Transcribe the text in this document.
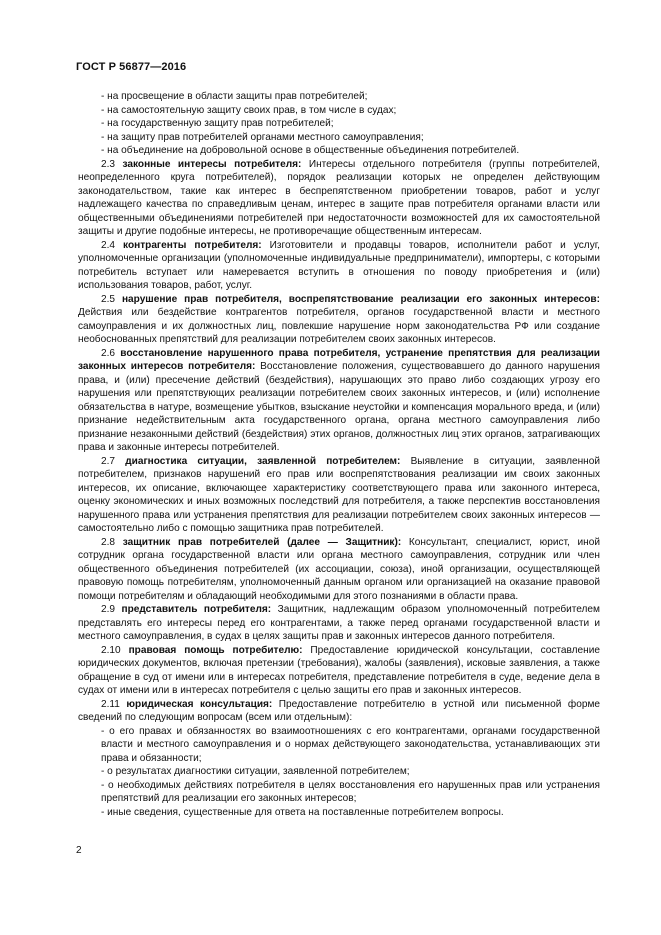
ГОСТ Р 56877—2016

- на просвещение в области защиты прав потребителей;

- на самостоятельную защиту своих прав, в том числе в судах;

- на государственную защиту прав потребителей;

- на защиту прав потребителей органами местного самоуправления;

- на объединение на добровольной основе в общественные объединения потребителей.

2.3 законные интересы потребителя: Интересы отдельного потребителя (группы потребителей, неопределенного круга потребителей), порядок реализации которых не определен действующим законодательством, такие как интерес в беспрепятственном приобретении товаров, работ и услуг надлежащего качества по справедливым ценам, интерес в защите прав потребителя органами власти или общественными объединениями потребителей при недостаточности возможностей для их самостоятельной защиты и другие подобные интересы, не противоречащие общественным интересам.

2.4 контрагенты потребителя: Изготовители и продавцы товаров, исполнители работ и услуг, уполномоченные организации (уполномоченные индивидуальные предприниматели), импортеры, с которыми потребитель вступает или намеревается вступить в отношения по поводу приобретения и (или) использования товаров, работ, услуг.

2.5 нарушение прав потребителя, воспрепятствование реализации его законных интересов: Действия или бездействие контрагентов потребителя, органов государственной власти и местного самоуправления и их должностных лиц, повлекшие нарушение норм законодательства РФ или создание необоснованных препятствий для реализации потребителем своих законных интересов.

2.6 восстановление нарушенного права потребителя, устранение препятствия для реализации законных интересов потребителя: Восстановление положения, существовавшего до данного нарушения права, и (или) пресечение действий (бездействия), нарушающих это право либо создающих угрозу его нарушения или препятствующих реализации потребителем своих законных интересов, и (или) исполнение обязательства в натуре, возмещение убытков, взыскание неустойки и компенсация морального вреда, и (или) признание недействительным акта государственного органа, органа местного самоуправления либо признание незаконными действий (бездействия) этих органов, должностных лиц этих органов, затрагивающих права и законные интересы потребителей.

2.7 диагностика ситуации, заявленной потребителем: Выявление в ситуации, заявленной потребителем, признаков нарушений его прав или воспрепятствования реализации им своих законных интересов, их описание, включающее характеристику соответствующего права или законного интереса, оценку экономических и иных возможных последствий для потребителя, а также перспектив восстановления нарушенного права или устранения препятствия для реализации потребителем своих законных интересов — самостоятельно либо с помощью защитника прав потребителей.

2.8 защитник прав потребителей (далее — Защитник): Консультант, специалист, юрист, иной сотрудник органа государственной власти или органа местного самоуправления, сотрудник или член общественного объединения потребителей (их ассоциации, союза), иной организации, осуществляющей правовую помощь потребителям, уполномоченный данным органом или организацией на оказание правовой помощи потребителям и обладающий необходимыми для этого познаниями в области права.

2.9 представитель потребителя: Защитник, надлежащим образом уполномоченный потребителем представлять его интересы перед его контрагентами, а также перед органами государственной власти и местного самоуправления, в судах в целях защиты прав и законных интересов данного потребителя.

2.10 правовая помощь потребителю: Предоставление юридической консультации, составление юридических документов, включая претензии (требования), жалобы (заявления), исковые заявления, а также обращение в суд от имени или в интересах потребителя, представление потребителя в суде, ведение дела в судах от имени или в интересах потребителя с целью защиты его прав и законных интересов.

2.11 юридическая консультация: Предоставление потребителю в устной или письменной форме сведений по следующим вопросам (всем или отдельным):

- о его правах и обязанностях во взаимоотношениях с его контрагентами, органами государственной власти и местного самоуправления и о нормах действующего законодательства, устанавливающих эти права и обязанности;

- о результатах диагностики ситуации, заявленной потребителем;

- о необходимых действиях потребителя в целях восстановления его нарушенных прав или устранения препятствий для реализации его законных интересов;

- иные сведения, существенные для ответа на поставленные потребителем вопросы.

2
